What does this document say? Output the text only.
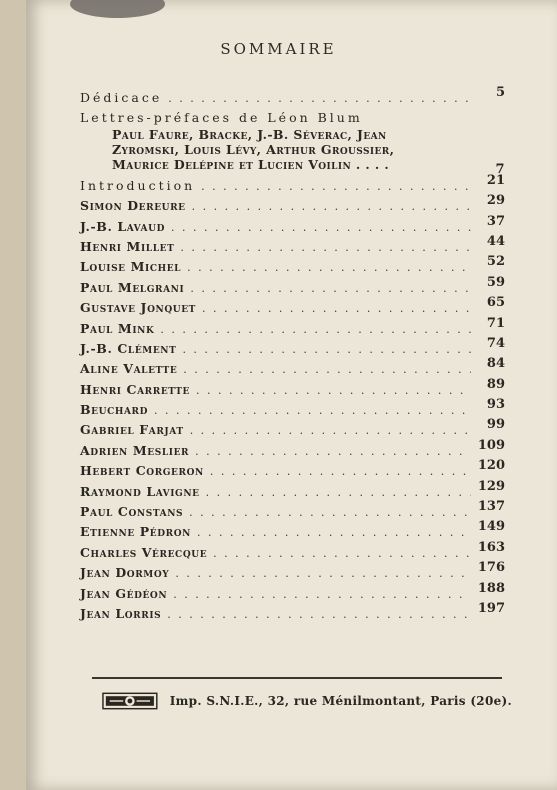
SOMMAIRE
Dédicace . . .	5
Lettres-préfaces de Léon Blum
Paul Faure, Bracke, J.-B. Séverac, Jean
Zyromski, Louis Lévy, Arthur Groussier,
Maurice Delépine et Lucien Voilin . . . .	7
Introduction . . .	21
Simon Dereure . . .	29
J.-B. Lavaud . . .	37
Henri Millet . . .	44
Louise Michel . . .	52
Paul Melgrani . . .	59
Gustave Jonquet . . .	65
Paul Mink . . .	71
J.-B. Clément . . .	74
Aline Valette . . .	84
Henri Carrette . . .	89
Beuchard . . .	93
Gabriel Farjat . . .	99
Adrien Meslier . . .	109
Hebert Corgeron . . .	120
Raymond Lavigne . . .	129
Paul Constans . . .	137
Etienne Pédron . . .	149
Charles Vérecque . . .	163
Jean Dormoy . . .	176
Jean Gédéon . . .	188
Jean Lorris . . .	197
Imp. S.N.I.E., 32, rue Ménilmontant, Paris (20e).
